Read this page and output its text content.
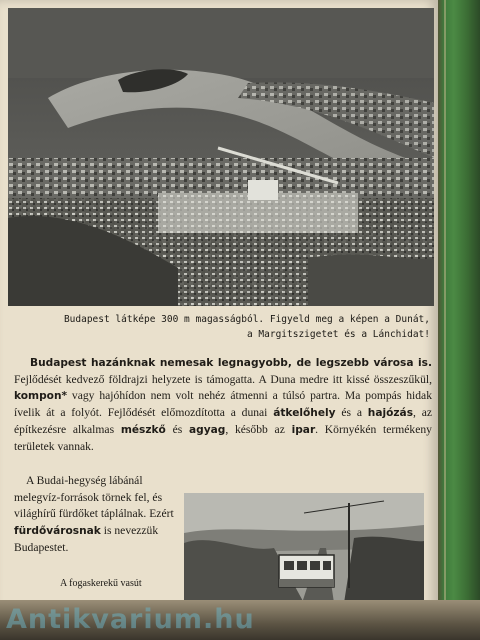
Budapest látképe 300 m magasságból. Figyeld meg a képen a Dunát,
a Margitszigetet és a Lánchidat!

Budapest hazánknak nemesak legnagyobb, de legszebb városa is. Fejlődését kedvező földrajzi helyzete is támogatta. A Duna medre itt kissé összeszűkül, kompon* vagy hajóhídon nem volt nehéz átmenni a túlsó partra. Ma pompás hidak ívelik át a folyót. Fejlődését előmozdította a dunai átkelőhely és a hajózás, az építkezésre alkalmas mészkő és agyag, később az ipar. Környékén termékeny területek vannak.

A Budai-hegység lábánál melegvíz-források törnek fel, és világhírű fürdőket táplálnak. Ezért fürdővárosnak is nevezzük Budapestet.

A fogaskerekű vasút
Antikvarium.hu
